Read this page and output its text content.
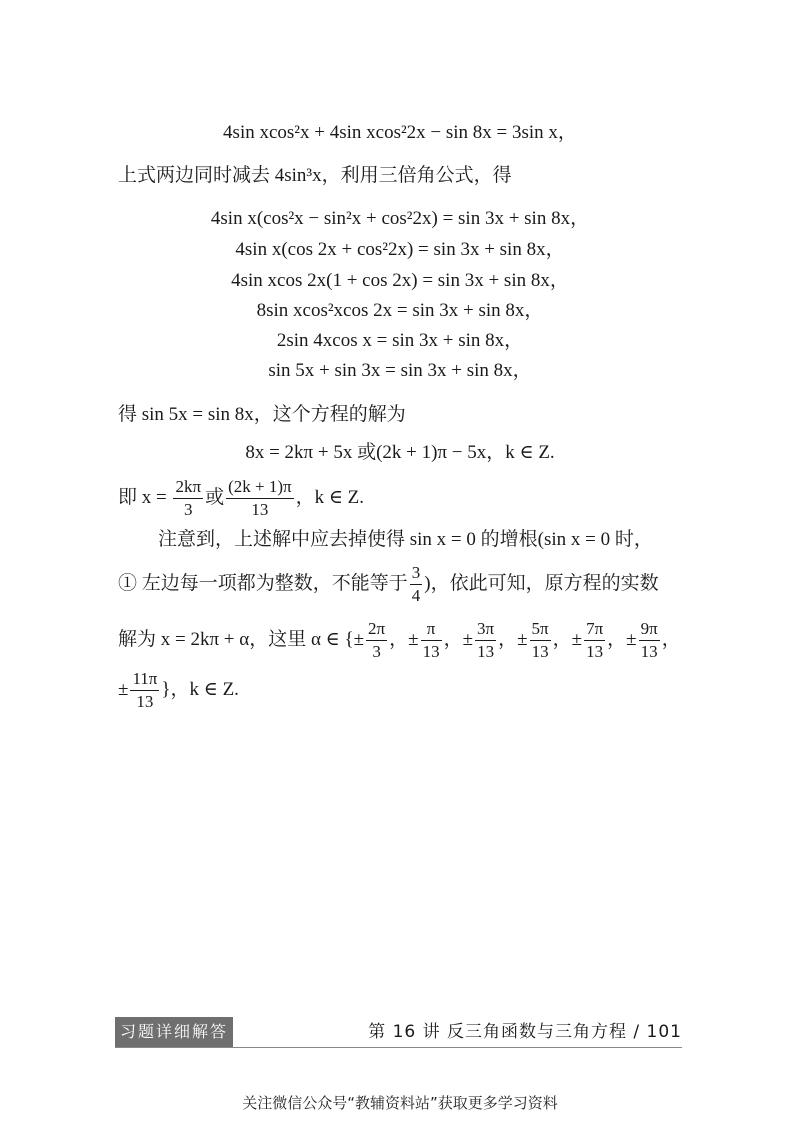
4sin xcos²x + 4sin xcos²2x − sin 8x = 3sin x，
上式两边同时减去 4sin³x，利用三倍角公式，得
4sin x(cos²x − sin²x + cos²2x) = sin 3x + sin 8x，
4sin x(cos 2x + cos²2x) = sin 3x + sin 8x，
4sin xcos 2x(1 + cos 2x) = sin 3x + sin 8x，
8sin xcos²xcos 2x = sin 3x + sin 8x，
2sin 4xcos x = sin 3x + sin 8x，
sin 5x + sin 3x = sin 3x + sin 8x，
得 sin 5x = sin 8x，这个方程的解为
8x = 2kπ + 5x 或(2k + 1)π − 5x，k ∈ Z.
即 $x = \frac{2k\pi}{3}$ 或 $\frac{(2k + 1)\pi}{13}$ ，k ∈ Z.
注意到，上述解中应去掉使得 sin x = 0 的增根(sin x = 0 时，
① 左边每一项都为整数，不能等于 $\frac{3}{4}$ )，依此可知，原方程的实数
解为 x = 2kπ + α，这里 α ∈ {± $\frac{2\pi}{3}$ ，± $\frac{\pi}{13}$ ，± $\frac{3\pi}{13}$ ，± $\frac{5\pi}{13}$ ，± $\frac{7\pi}{13}$ ，± $\frac{9\pi}{13}$ ，
± $\frac{11\pi}{13}$ }，k ∈ Z.
习题详细解答	第 16 讲 反三角函数与三角方程 / 101
关注微信公众号“教辅资料站”获取更多学习资料
